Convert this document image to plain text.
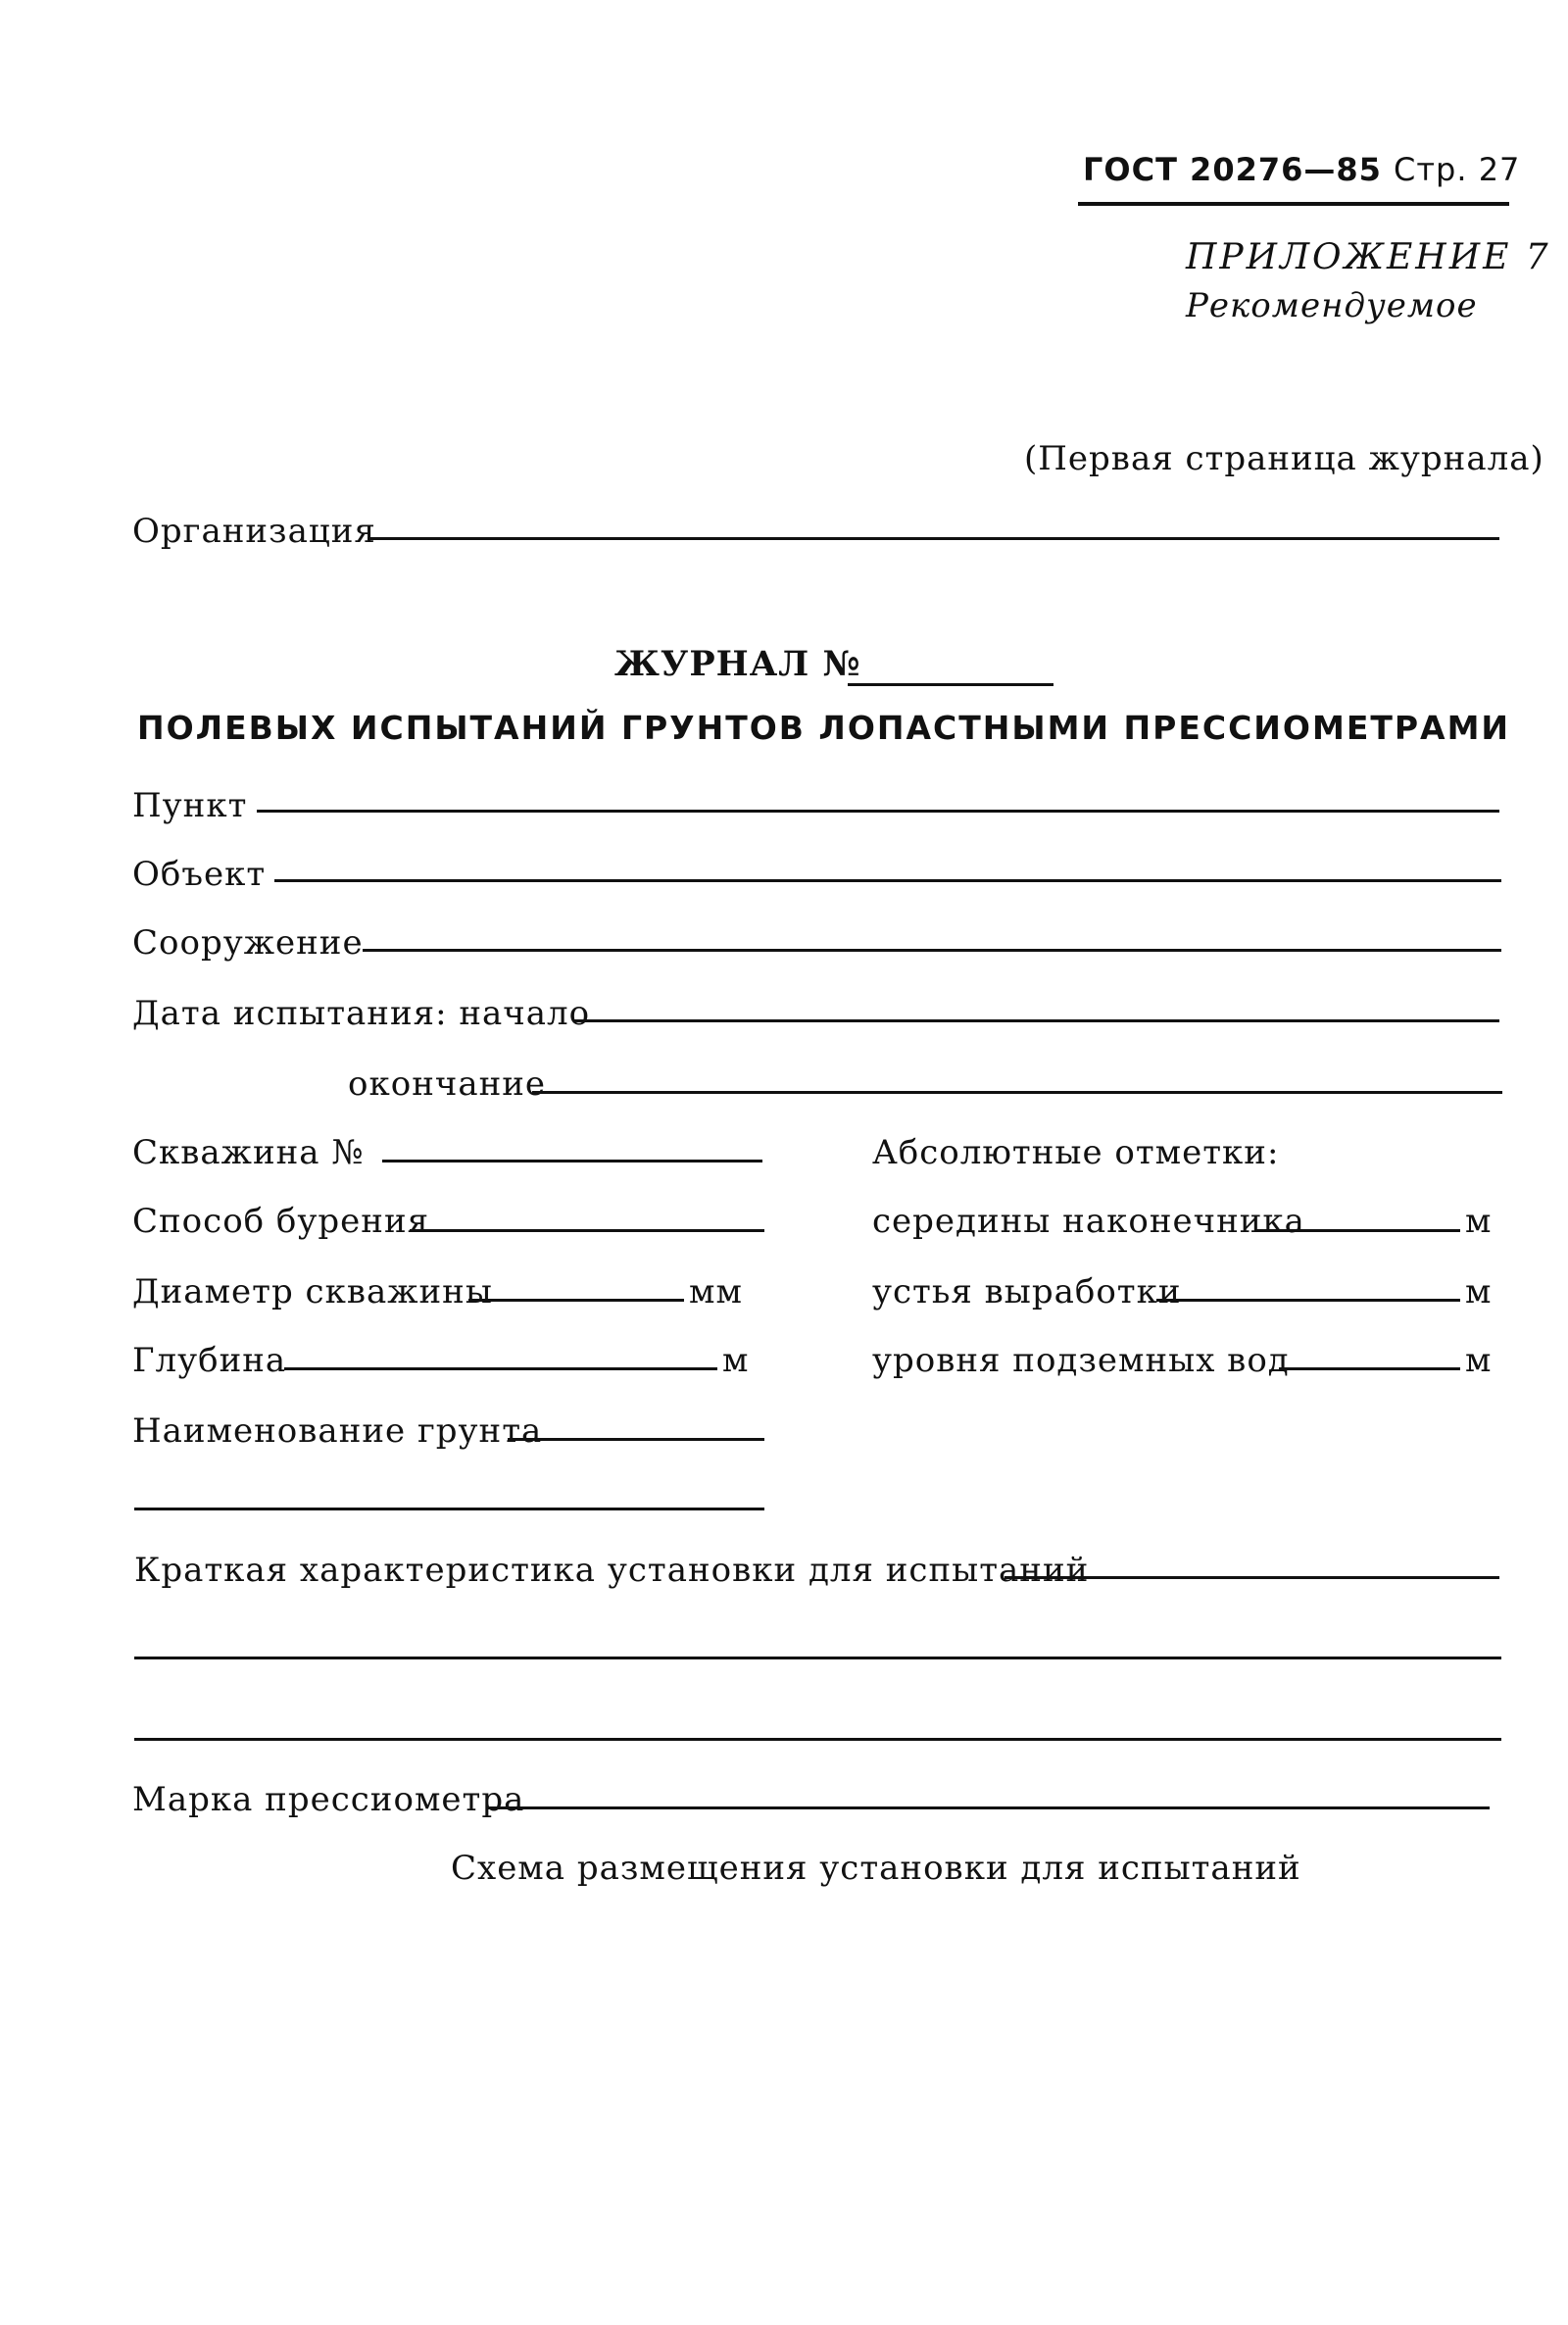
ГОСТ 20276—85 Стр. 27
ПРИЛОЖЕНИЕ 7
Рекомендуемое
(Первая страница журнала)
Организация
ЖУРНАЛ №
ПОЛЕВЫХ ИСПЫТАНИЙ ГРУНТОВ ЛОПАСТНЫМИ ПРЕССИОМЕТРАМИ
Пункт
Объект
Сооружение
Дата испытания: начало
окончание
Скважина №
Способ бурения
Диаметр скважины	мм
Глубина	м
Наименование грунта
Абсолютные отметки:
середины наконечника	м
устья выработки	м
уровня подземных вод	м
Краткая характеристика установки для испытаний
Марка прессиометра
Схема размещения установки для испытаний
